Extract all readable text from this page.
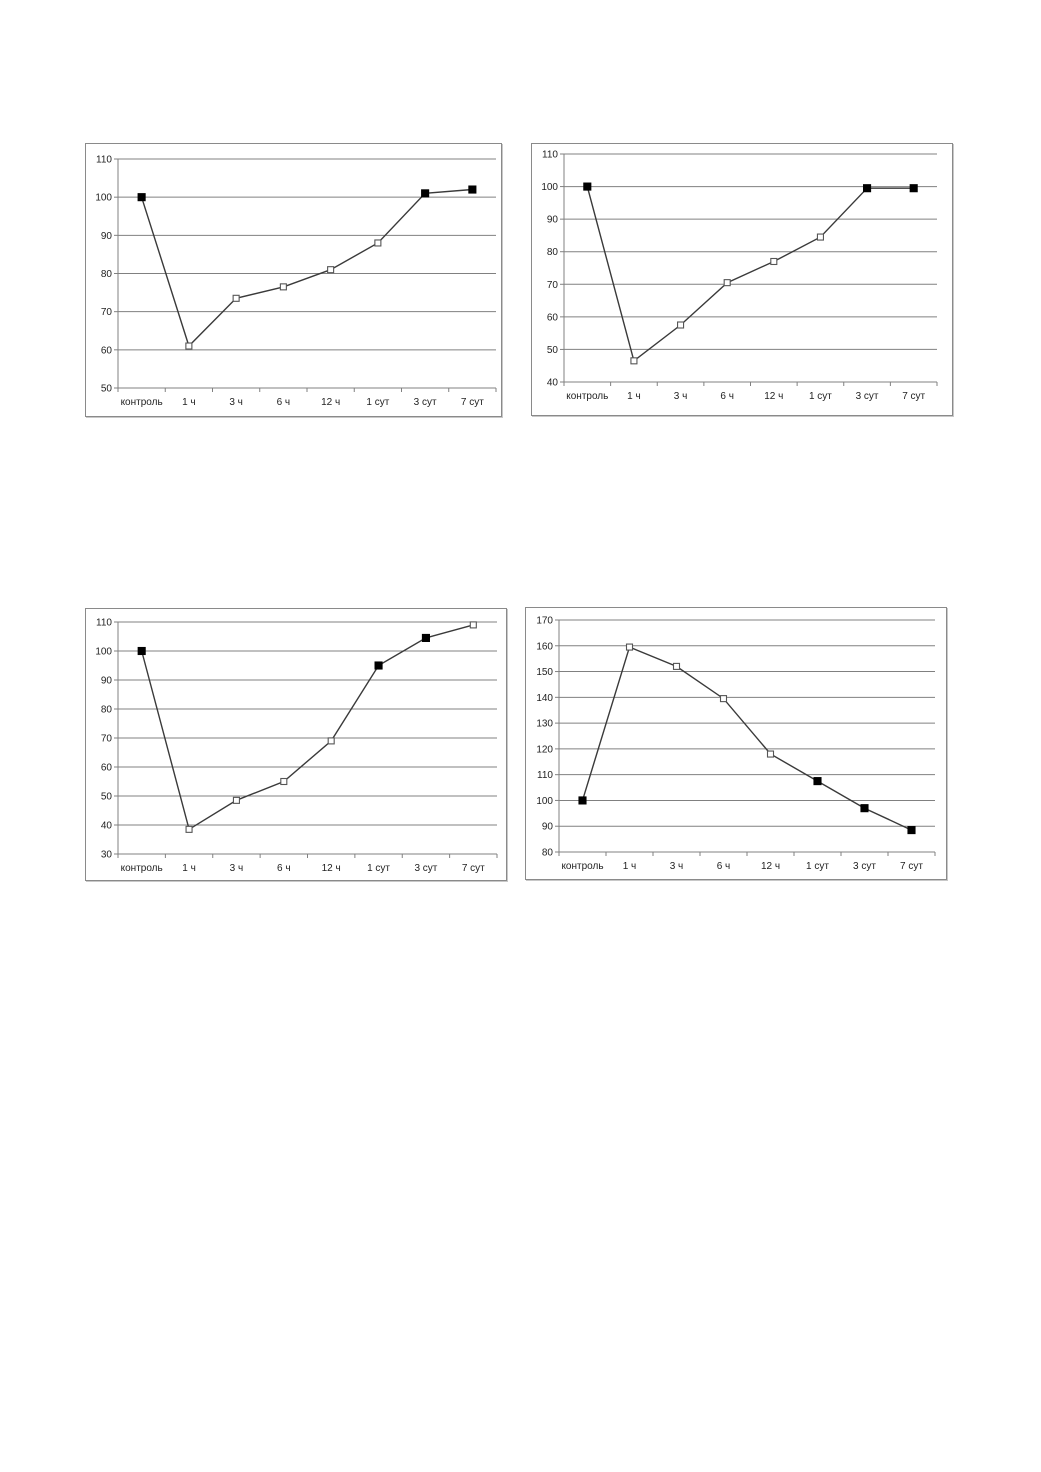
50
60
70
80
90
100
110
контроль 1 ч	3 ч	6 ч	12 ч	1 сут 3 сут 7 сут
40
50
60
70
80
90
100
110
контроль 1 ч	3 ч	6 ч	12 ч	1 сут 3 сут 7 сут
30
40
50
60
70
80
90
100
110
контроль 1 ч	3 ч	6 ч	12 ч	1 сут 3 сут 7 сут
80
90
100
110
120
130
140
150
160
170
контроль 1 ч	3 ч	6 ч	12 ч	1 сут 3 сут 7 сут
